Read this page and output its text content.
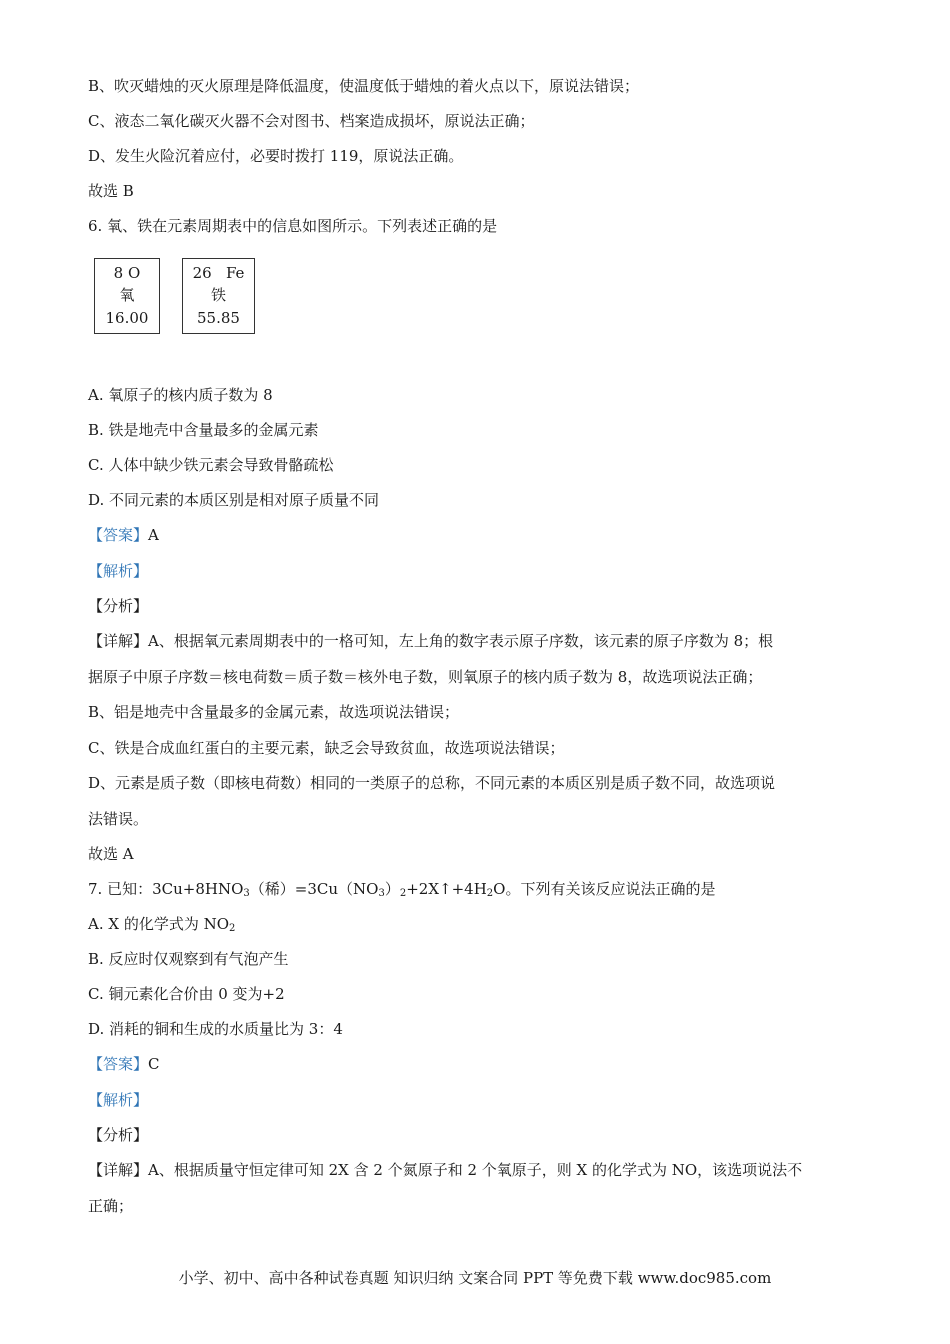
B、吹灭蜡烛的灭火原理是降低温度，使温度低于蜡烛的着火点以下，原说法错误；
C、液态二氧化碳灭火器不会对图书、档案造成损坏，原说法正确；
D、发生火险沉着应付，必要时拨打 119，原说法正确。
故选 B
6. 氧、铁在元素周期表中的信息如图所示。下列表述正确的是
8 O
氧
16.00
26 Fe
铁
55.85
A. 氧原子的核内质子数为 8
B. 铁是地壳中含量最多的金属元素
C. 人体中缺少铁元素会导致骨骼疏松
D. 不同元素的本质区别是相对原子质量不同
【答案】A
【解析】
【分析】
【详解】A、根据氧元素周期表中的一格可知，左上角的数字表示原子序数，该元素的原子序数为 8；根
据原子中原子序数＝核电荷数＝质子数＝核外电子数，则氧原子的核内质子数为 8，故选项说法正确；
B、铝是地壳中含量最多的金属元素，故选项说法错误；
C、铁是合成血红蛋白的主要元素，缺乏会导致贫血，故选项说法错误；
D、元素是质子数（即核电荷数）相同的一类原子的总称，不同元素的本质区别是质子数不同，故选项说
法错误。
故选 A
7. 已知：$3Cu+8HNO_3$（稀）$=3Cu(NO_3)_2+2X↑+4H_2O$。下列有关该反应说法正确的是
A. X 的化学式为 $NO_2$
B. 反应时仅观察到有气泡产生
C. 铜元素化合价由 0 变为+2
D. 消耗的铜和生成的水质量比为 3：4
【答案】C
【解析】
【分析】
【详解】A、根据质量守恒定律可知 2X 含 2 个氮原子和 2 个氧原子，则 X 的化学式为 NO，该选项说法不
正确；
小学、初中、高中各种试卷真题 知识归纳 文案合同 PPT 等免费下载 www.doc985.com
